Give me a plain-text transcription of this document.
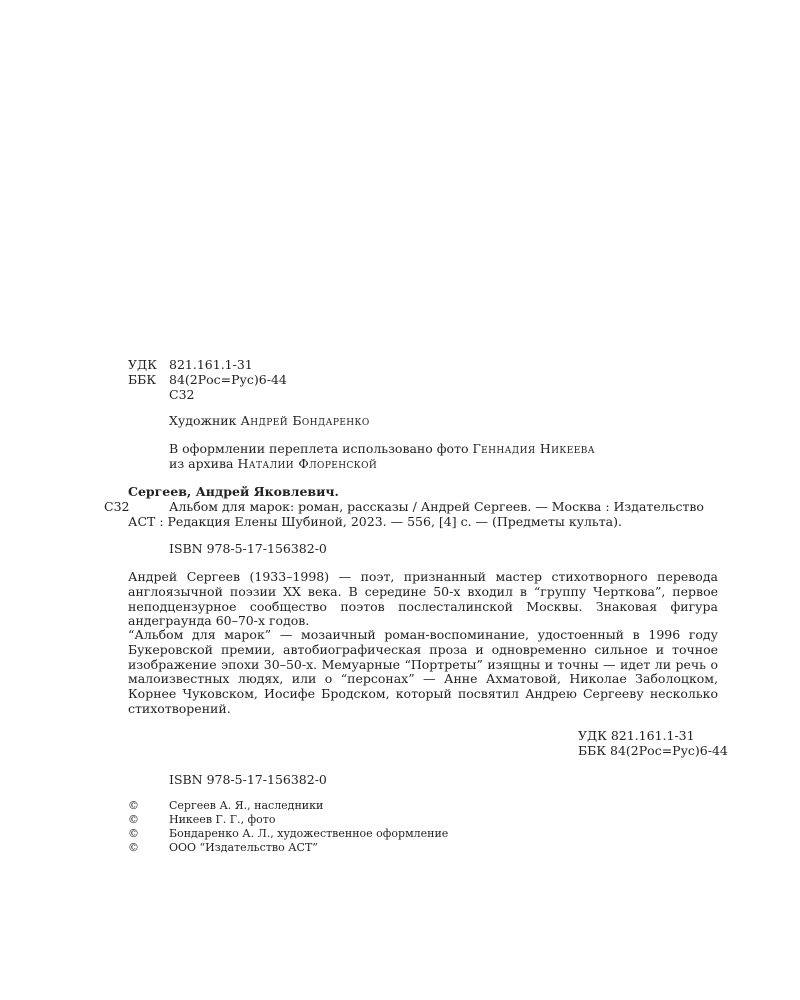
УДК 821.161.1-31
ББК 84(2Рос=Рус)6-44
С32
Художник Андрей Бондаренко
В оформлении переплета использовано фото Геннадия Никеева
из архива Наталии Флоренской
Сергеев, Андрей Яковлевич.
С32	Альбом для марок: роман, рассказы / Андрей Сергеев. — Москва : Издательство
АСТ : Редакция Елены Шубиной, 2023. — 556, [4] с. — (Предметы культа).
ISBN 978-5-17-156382-0
Андрей Сергеев (1933–1998) — поэт, признанный мастер стихотворного перевода англоязычной поэзии XX века. В середине 50-х входил в “группу Черткова”, первое неподцензурное сообщество поэтов послесталинской Москвы. Знаковая фигура андеграунда 60–70-х годов.
“Альбом для марок” — мозаичный роман-воспоминание, удостоенный в 1996 году Букеровской премии, автобиографическая проза и одновременно сильное и точное изображение эпохи 30–50-х. Мемуарные “Портреты” изящны и точны — идет ли речь о малоизвестных людях, или о “персонах” — Анне Ахматовой, Николае Заболоцком, Корнее Чуковском, Иосифе Бродском, который посвятил Андрею Сергееву несколько стихотворений.
УДК 821.161.1-31
ББК 84(2Рос=Рус)6-44
ISBN 978-5-17-156382-0
©	Сергеев А. Я., наследники
©	Никеев Г. Г., фото
©	Бондаренко А. Л., художественное оформление
©	ООО “Издательство АСТ”
